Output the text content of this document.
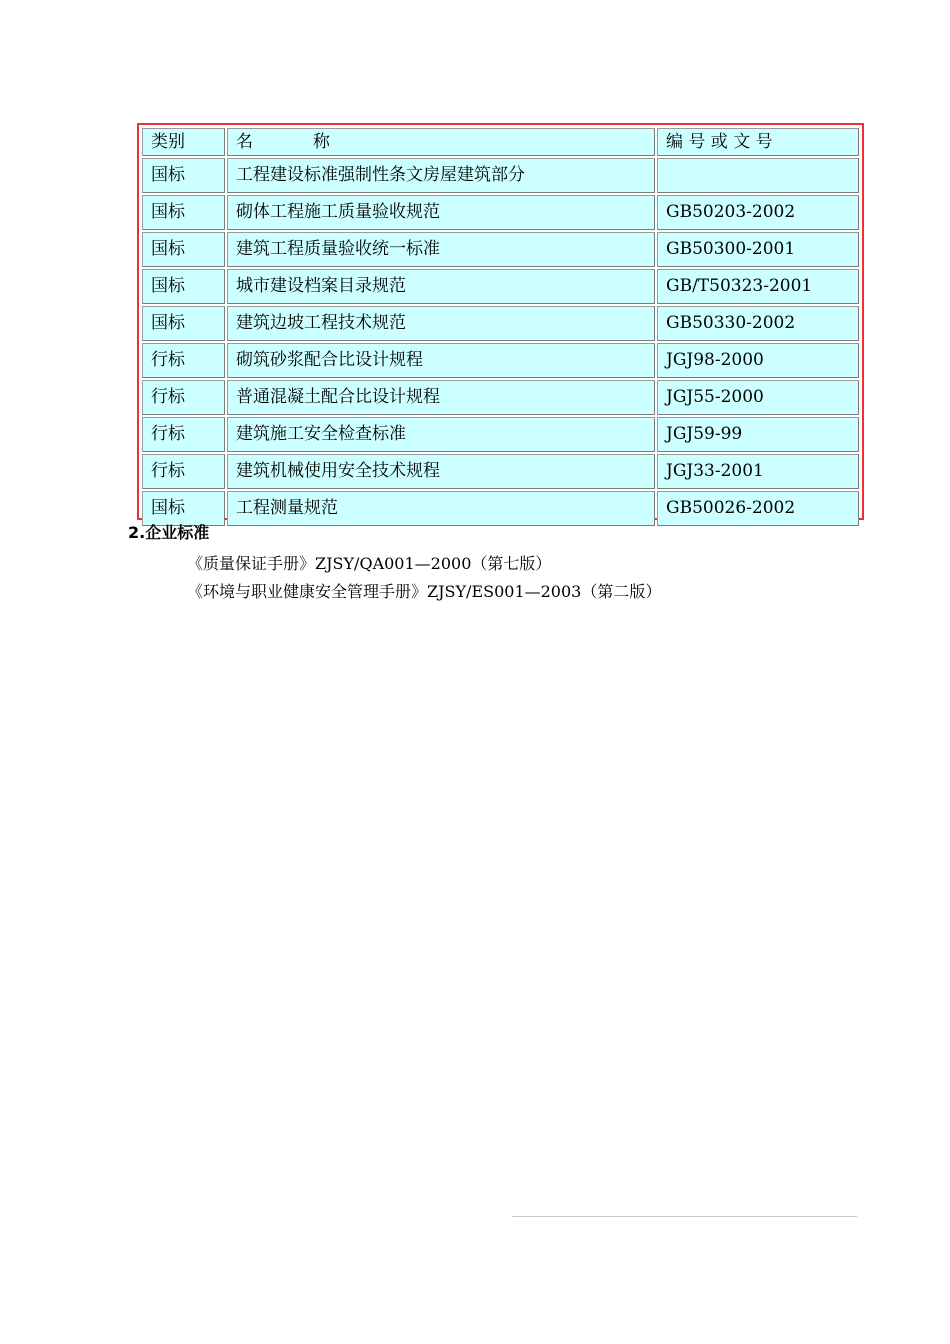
类别	名    称	编 号 或 文 号
国标	工程建设标准强制性条文房屋建筑部分	
国标	砌体工程施工质量验收规范	GB50203-2002
国标	建筑工程质量验收统一标准	GB50300-2001
国标	城市建设档案目录规范	GB/T50323-2001
国标	建筑边坡工程技术规范	GB50330-2002
行标	砌筑砂浆配合比设计规程	JGJ98-2000
行标	普通混凝土配合比设计规程	JGJ55-2000
行标	建筑施工安全检查标准	JGJ59-99
行标	建筑机械使用安全技术规程	JGJ33-2001
国标	工程测量规范	GB50026-2002

2.企业标准

《质量保证手册》ZJSY/QA001—2000（第七版）

《环境与职业健康安全管理手册》ZJSY/ES001—2003（第二版）
